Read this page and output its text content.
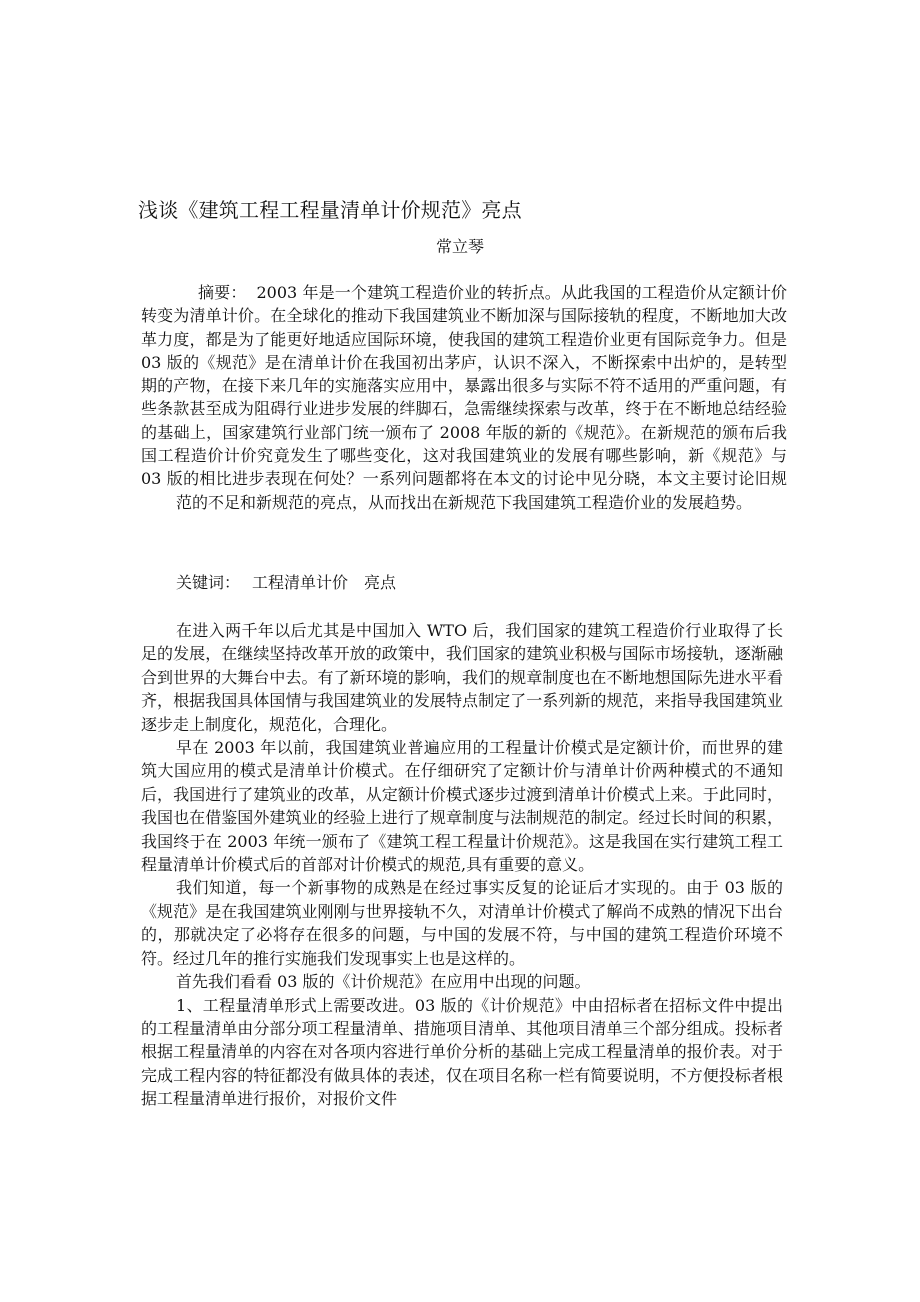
浅谈《建筑工程工程量清单计价规范》亮点
常立琴

摘要： 2003 年是一个建筑工程造价业的转折点。从此我国的工程造价从定额计价转变为清单计价。在全球化的推动下我国建筑业不断加深与国际接轨的程度，不断地加大改革力度，都是为了能更好地适应国际环境，使我国的建筑工程造价业更有国际竞争力。但是 03 版的《规范》是在清单计价在我国初出茅庐，认识不深入，不断探索中出炉的，是转型期的产物，在接下来几年的实施落实应用中，暴露出很多与实际不符不适用的严重问题，有些条款甚至成为阻碍行业进步发展的绊脚石，急需继续探索与改革，终于在不断地总结经验的基础上，国家建筑行业部门统一颁布了 2008 年版的新的《规范》。在新规范的颁布后我国工程造价计价究竟发生了哪些变化，这对我国建筑业的发展有哪些影响，新《规范》与 03 版的相比进步表现在何处？一系列问题都将在本文的讨论中见分晓，本文主要讨论旧规范的不足和新规范的亮点，从而找出在新规范下我国建筑工程造价业的发展趋势。

关键词： 工程清单计价　亮点

在进入两千年以后尤其是中国加入 WTO 后，我们国家的建筑工程造价行业取得了长足的发展，在继续坚持改革开放的政策中，我们国家的建筑业积极与国际市场接轨，逐渐融合到世界的大舞台中去。有了新环境的影响，我们的规章制度也在不断地想国际先进水平看齐，根据我国具体国情与我国建筑业的发展特点制定了一系列新的规范，来指导我国建筑业逐步走上制度化，规范化，合理化。

早在 2003 年以前，我国建筑业普遍应用的工程量计价模式是定额计价，而世界的建筑大国应用的模式是清单计价模式。在仔细研究了定额计价与清单计价两种模式的不通知后，我国进行了建筑业的改革，从定额计价模式逐步过渡到清单计价模式上来。于此同时，我国也在借鉴国外建筑业的经验上进行了规章制度与法制规范的制定。经过长时间的积累，我国终于在 2003 年统一颁布了《建筑工程工程量计价规范》。这是我国在实行建筑工程工程量清单计价模式后的首部对计价模式的规范,具有重要的意义。

我们知道，每一个新事物的成熟是在经过事实反复的论证后才实现的。由于 03 版的《规范》是在我国建筑业刚刚与世界接轨不久，对清单计价模式了解尚不成熟的情况下出台的，那就决定了必将存在很多的问题，与中国的发展不符，与中国的建筑工程造价环境不符。经过几年的推行实施我们发现事实上也是这样的。

首先我们看看 03 版的《计价规范》在应用中出现的问题。

1、工程量清单形式上需要改进。03 版的《计价规范》中由招标者在招标文件中提出的工程量清单由分部分项工程量清单、措施项目清单、其他项目清单三个部分组成。投标者根据工程量清单的内容在对各项内容进行单价分析的基础上完成工程量清单的报价表。对于完成工程内容的特征都没有做具体的表述，仅在项目名称一栏有简要说明，不方便投标者根据工程量清单进行报价，对报价文件
